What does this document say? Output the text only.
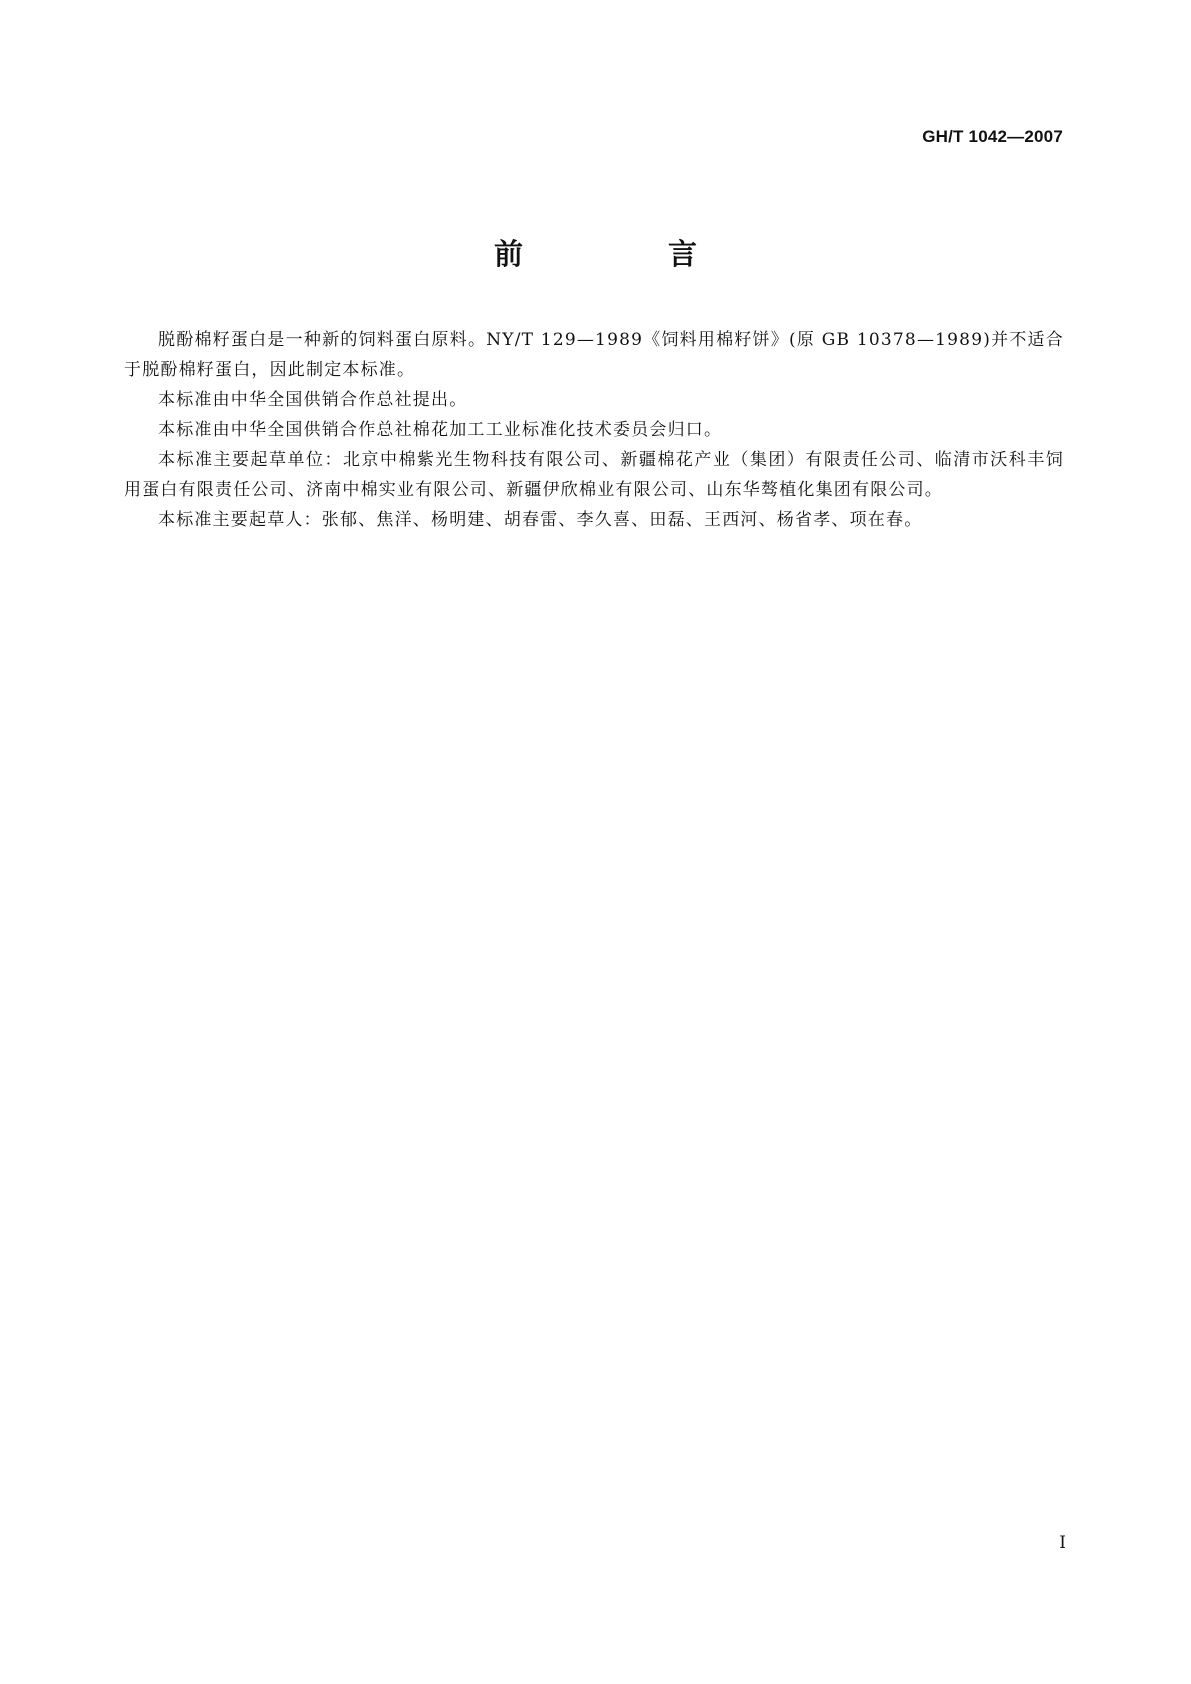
GH/T 1042—2007
前　言

脱酚棉籽蛋白是一种新的饲料蛋白原料。NY/T 129—1989《饲料用棉籽饼》(原 GB 10378—1989)并不适合于脱酚棉籽蛋白，因此制定本标准。

本标准由中华全国供销合作总社提出。

本标准由中华全国供销合作总社棉花加工工业标准化技术委员会归口。

本标准主要起草单位：北京中棉紫光生物科技有限公司、新疆棉花产业（集团）有限责任公司、临清市沃科丰饲用蛋白有限责任公司、济南中棉实业有限公司、新疆伊欣棉业有限公司、山东华骜植化集团有限公司。

本标准主要起草人：张郁、焦洋、杨明建、胡春雷、李久喜、田磊、王西河、杨省孝、项在春。

I
